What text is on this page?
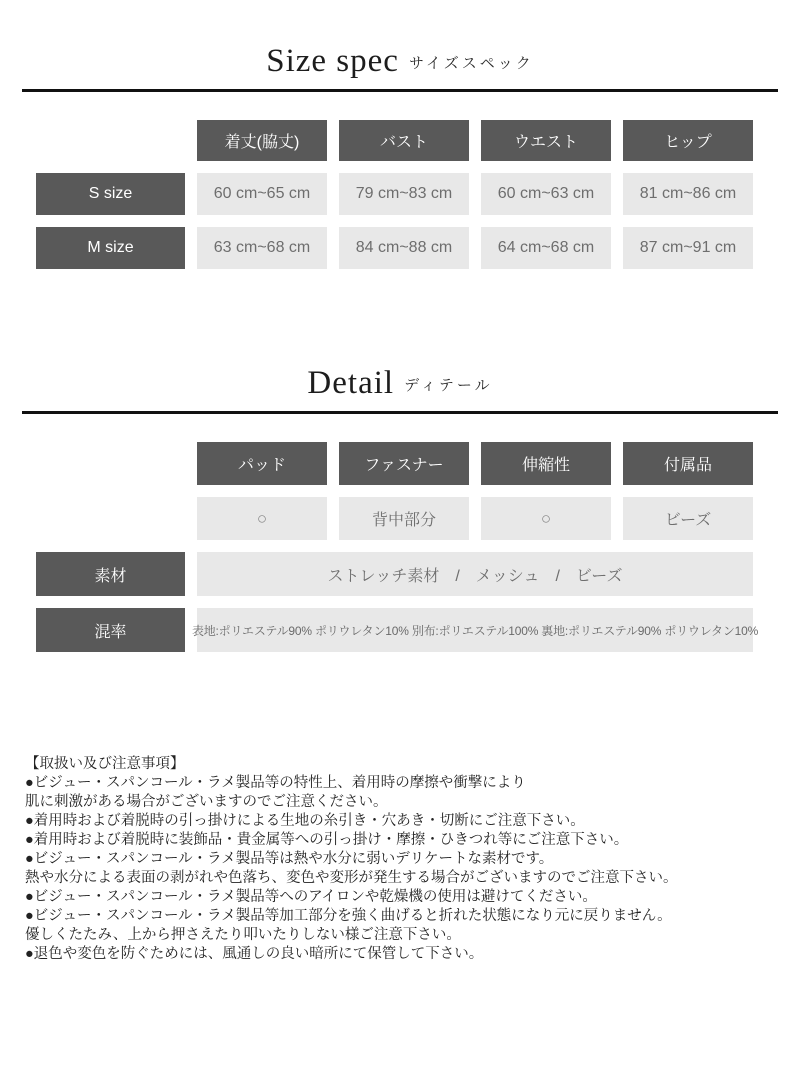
Size spec サイズスペック
着丈(脇丈)	バスト	ウエスト	ヒップ
S size	60 cm~65 cm	79 cm~83 cm	60 cm~63 cm	81 cm~86 cm
M size	63 cm~68 cm	84 cm~88 cm	64 cm~68 cm	87 cm~91 cm
Detail ディテール
パッド	ファスナー	伸縮性	付属品
○	背中部分	○	ビーズ
素材	ストレッチ素材　/　メッシュ　/　ビーズ
混率	表地:ポリエステル90% ポリウレタン10% 別布:ポリエステル100% 裏地:ポリエステル90% ポリウレタン10%
【取扱い及び注意事項】
●ビジュー・スパンコール・ラメ製品等の特性上、着用時の摩擦や衝撃により
肌に刺激がある場合がございますのでご注意ください。
●着用時および着脱時の引っ掛けによる生地の糸引き・穴あき・切断にご注意下さい。
●着用時および着脱時に装飾品・貴金属等への引っ掛け・摩擦・ひきつれ等にご注意下さい。
●ビジュー・スパンコール・ラメ製品等は熱や水分に弱いデリケートな素材です。
熱や水分による表面の剥がれや色落ち、変色や変形が発生する場合がございますのでご注意下さい。
●ビジュー・スパンコール・ラメ製品等へのアイロンや乾燥機の使用は避けてください。
●ビジュー・スパンコール・ラメ製品等加工部分を強く曲げると折れた状態になり元に戻りません。
優しくたたみ、上から押さえたり叩いたりしない様ご注意下さい。
●退色や変色を防ぐためには、風通しの良い暗所にて保管して下さい。
